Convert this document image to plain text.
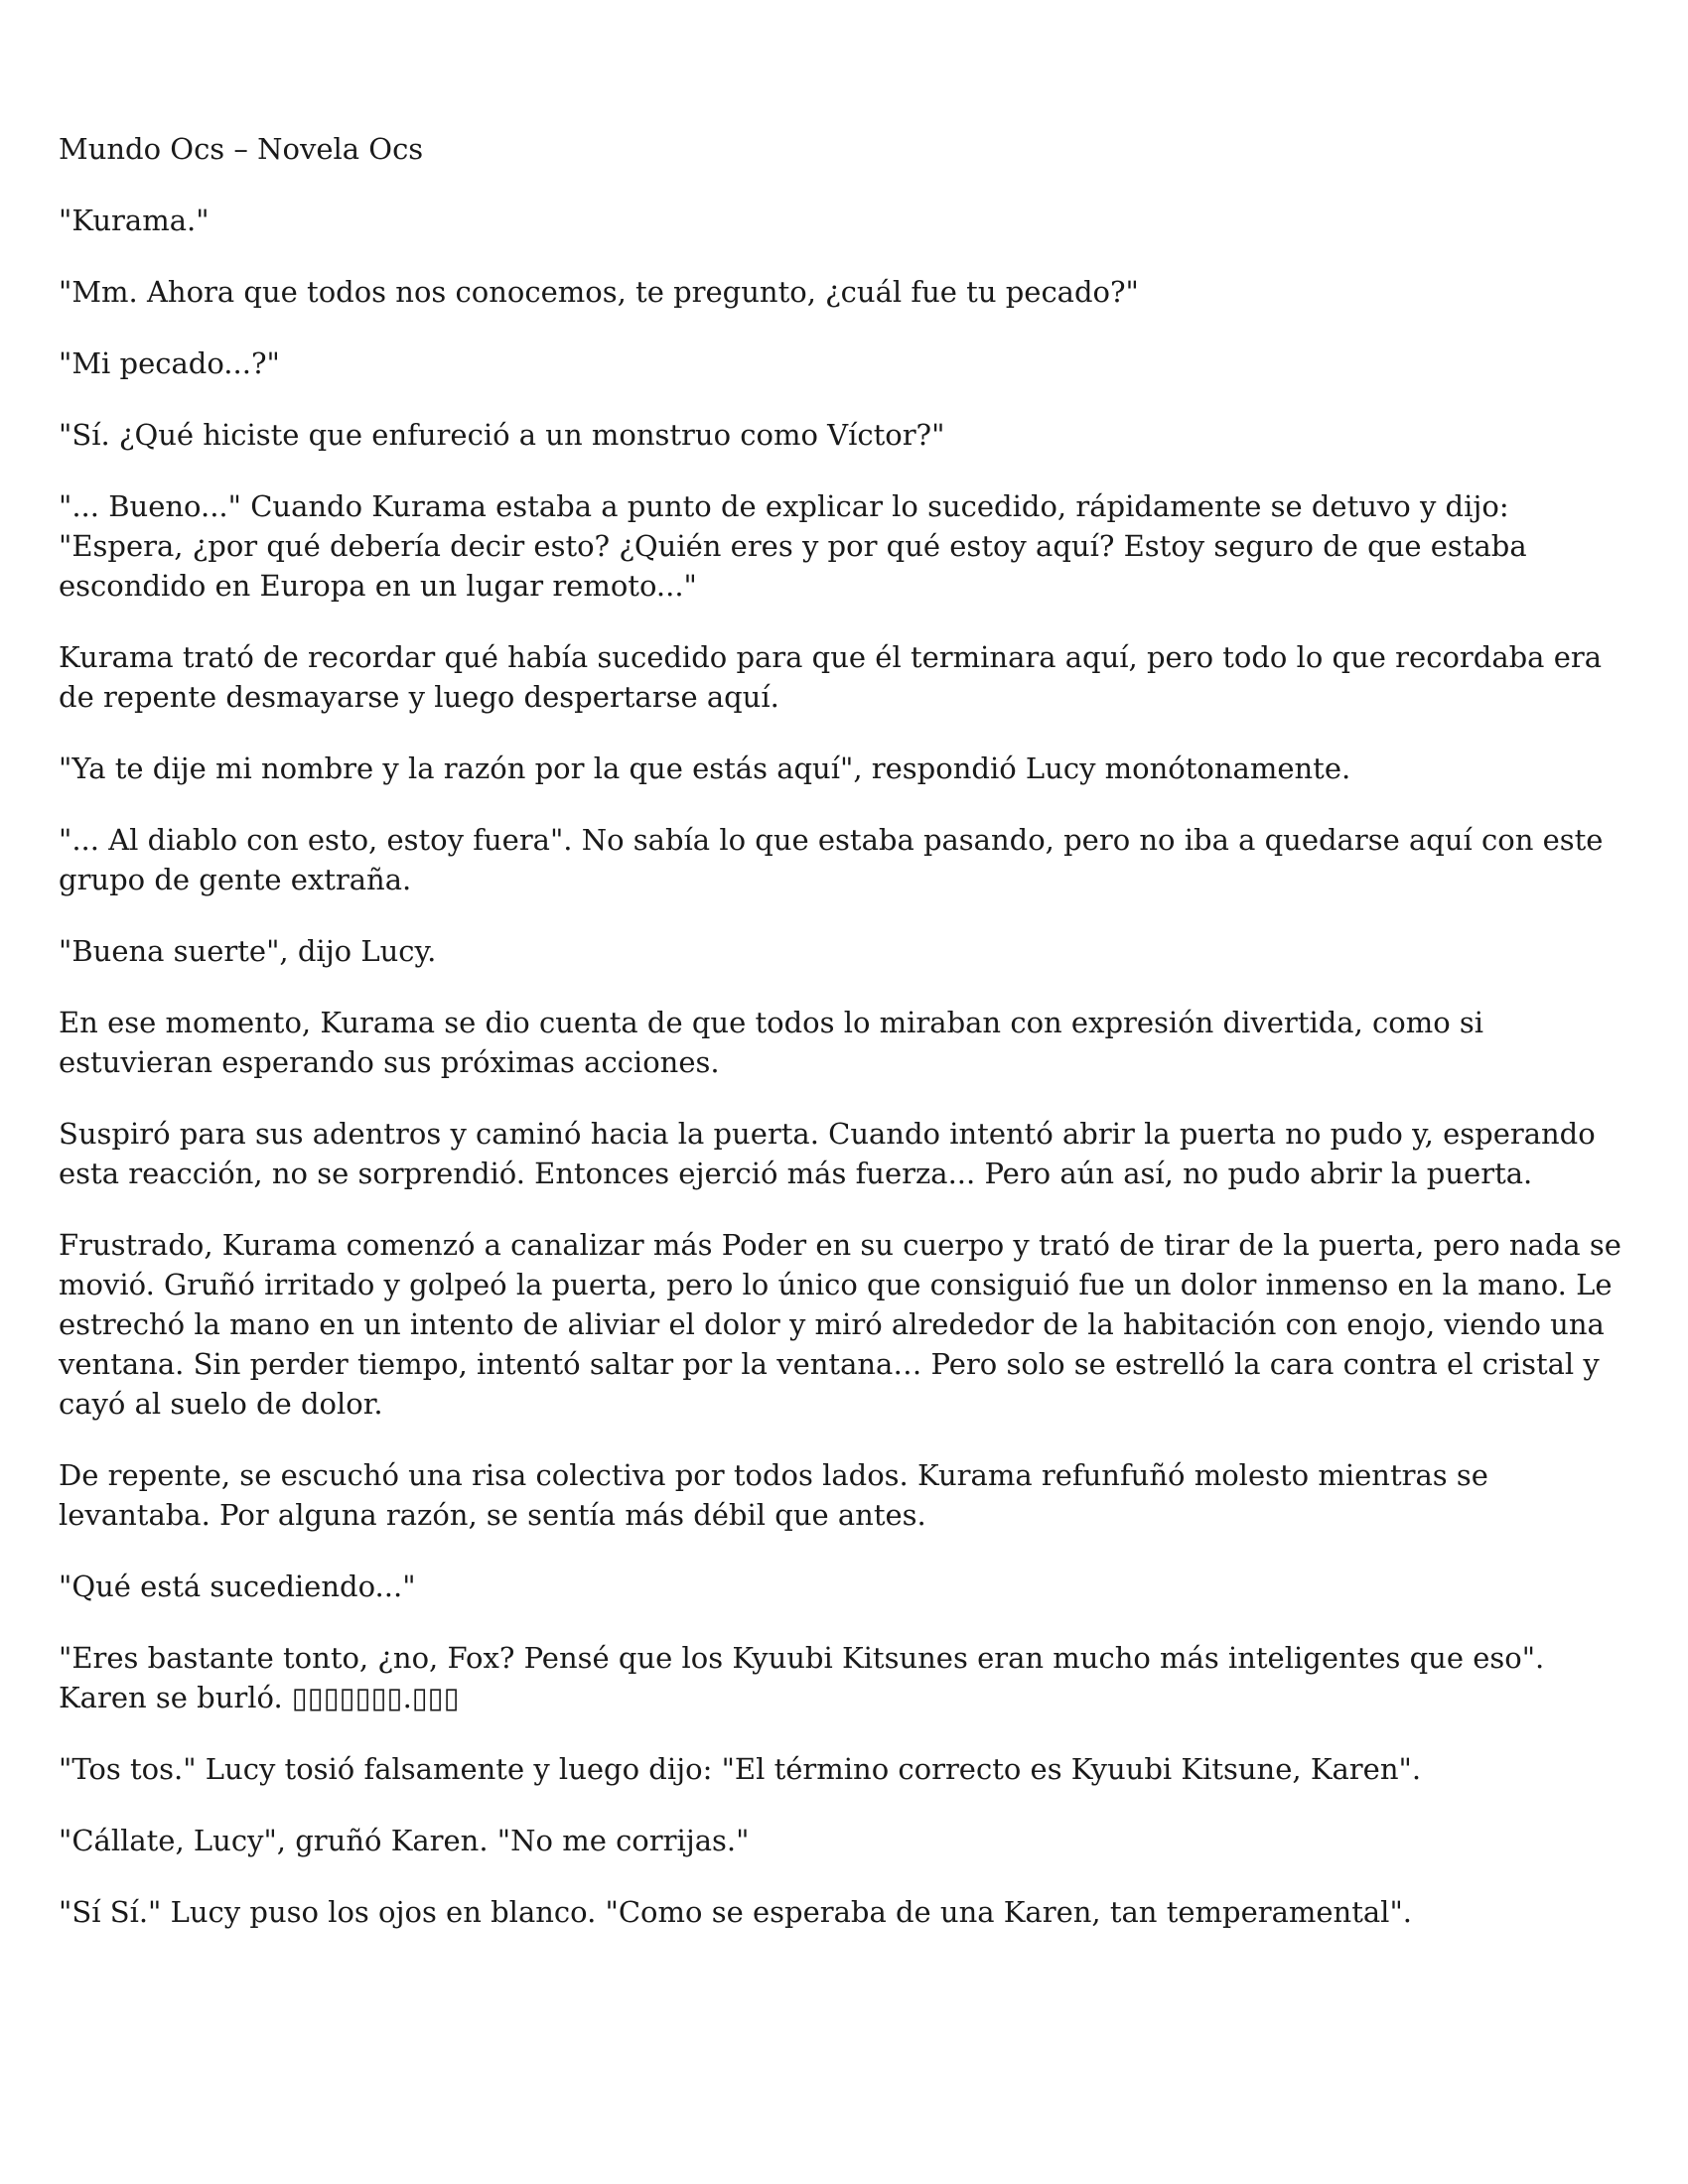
Mundo Ocs – Novela Ocs

"Kurama."

"Mm. Ahora que todos nos conocemos, te pregunto, ¿cuál fue tu pecado?"

"Mi pecado...?"

"Sí. ¿Qué hiciste que enfureció a un monstruo como Víctor?"

"... Bueno..." Cuando Kurama estaba a punto de explicar lo sucedido, rápidamente se detuvo y dijo: "Espera, ¿por qué debería decir esto? ¿Quién eres y por qué estoy aquí? Estoy seguro de que estaba escondido en Europa en un lugar remoto..."

Kurama trató de recordar qué había sucedido para que él terminara aquí, pero todo lo que recordaba era de repente desmayarse y luego despertarse aquí.

"Ya te dije mi nombre y la razón por la que estás aquí", respondió Lucy monótonamente.

"... Al diablo con esto, estoy fuera". No sabía lo que estaba pasando, pero no iba a quedarse aquí con este grupo de gente extraña.

"Buena suerte", dijo Lucy.

En ese momento, Kurama se dio cuenta de que todos lo miraban con expresión divertida, como si estuvieran esperando sus próximas acciones.

Suspiró para sus adentros y caminó hacia la puerta. Cuando intentó abrir la puerta no pudo y, esperando esta reacción, no se sorprendió. Entonces ejerció más fuerza... Pero aún así, no pudo abrir la puerta.

Frustrado, Kurama comenzó a canalizar más Poder en su cuerpo y trató de tirar de la puerta, pero nada se movió. Gruñó irritado y golpeó la puerta, pero lo único que consiguió fue un dolor inmenso en la mano. Le estrechó la mano en un intento de aliviar el dolor y miró alrededor de la habitación con enojo, viendo una ventana. Sin perder tiempo, intentó saltar por la ventana… Pero solo se estrelló la cara contra el cristal y cayó al suelo de dolor.

De repente, se escuchó una risa colectiva por todos lados. Kurama refunfuñó molesto mientras se levantaba. Por alguna razón, se sentía más débil que antes.

"Qué está sucediendo..."

"Eres bastante tonto, ¿no, Fox? Pensé que los Kyuubi Kitsunes eran mucho más inteligentes que eso". Karen se burló. ▯▯▯▯▯▯▯.▯▯▯

"Tos tos." Lucy tosió falsamente y luego dijo: "El término correcto es Kyuubi Kitsune, Karen".

"Cállate, Lucy", gruñó Karen. "No me corrijas."

"Sí Sí." Lucy puso los ojos en blanco. "Como se esperaba de una Karen, tan temperamental".
